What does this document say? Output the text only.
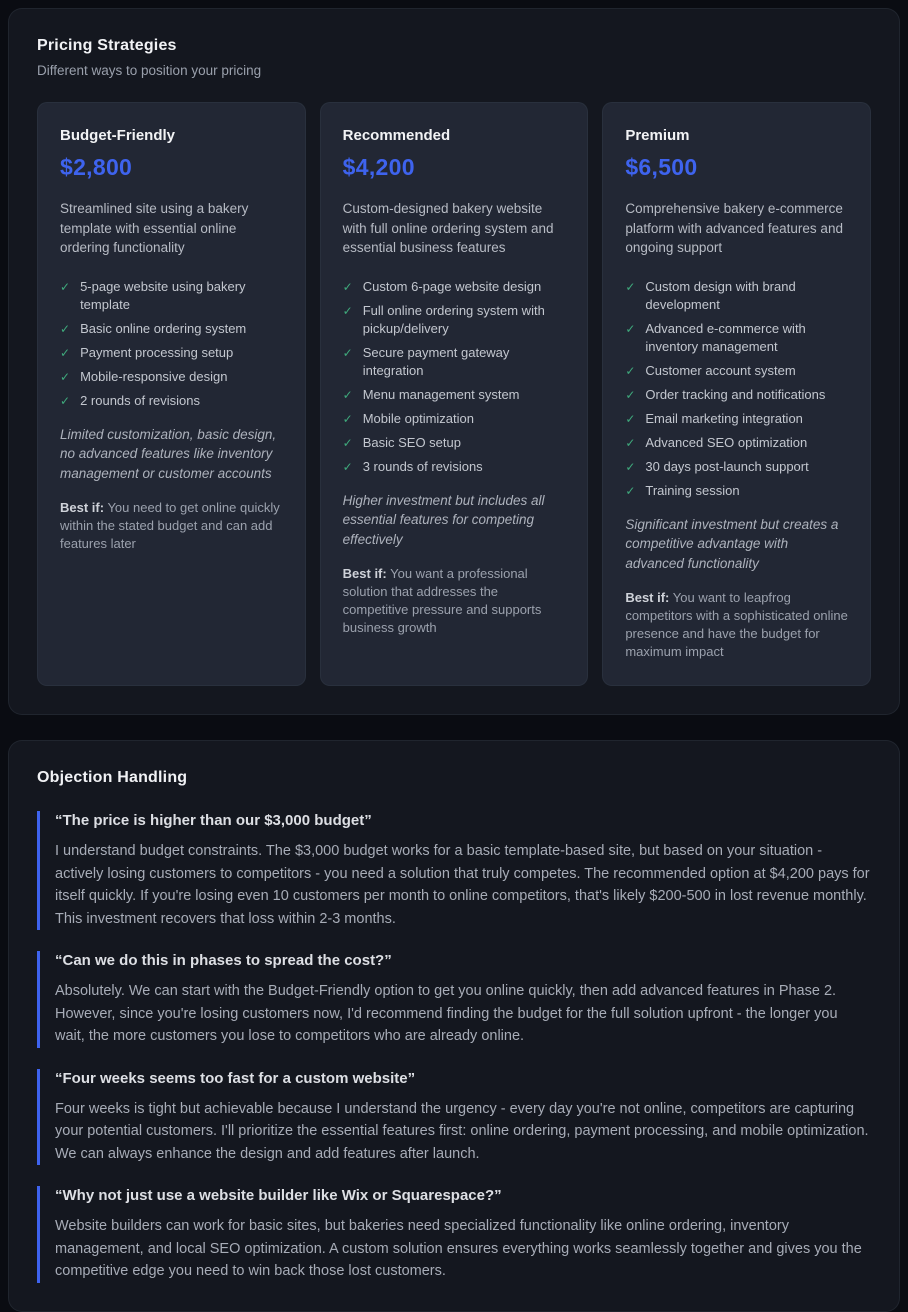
Pricing Strategies

Different ways to position your pricing

Budget-Friendly
$2,800

Streamlined site using a bakery template with essential online ordering functionality

✓ 5-page website using bakery template
✓ Basic online ordering system
✓ Payment processing setup
✓ Mobile-responsive design
✓ 2 rounds of revisions

Limited customization, basic design, no advanced features like inventory management or customer accounts

Best if: You need to get online quickly within the stated budget and can add features later

Recommended
$4,200

Custom-designed bakery website with full online ordering system and essential business features

✓ Custom 6-page website design
✓ Full online ordering system with pickup/delivery
✓ Secure payment gateway integration
✓ Menu management system
✓ Mobile optimization
✓ Basic SEO setup
✓ 3 rounds of revisions

Higher investment but includes all essential features for competing effectively

Best if: You want a professional solution that addresses the competitive pressure and supports business growth

Premium
$6,500

Comprehensive bakery e-commerce platform with advanced features and ongoing support

✓ Custom design with brand development
✓ Advanced e-commerce with inventory management
✓ Customer account system
✓ Order tracking and notifications
✓ Email marketing integration
✓ Advanced SEO optimization
✓ 30 days post-launch support
✓ Training session

Significant investment but creates a competitive advantage with advanced functionality

Best if: You want to leapfrog competitors with a sophisticated online presence and have the budget for maximum impact

Objection Handling
“The price is higher than our $3,000 budget”

I understand budget constraints. The $3,000 budget works for a basic template-based site, but based on your situation - actively losing customers to competitors - you need a solution that truly competes. The recommended option at $4,200 pays for itself quickly. If you're losing even 10 customers per month to online competitors, that's likely $200-500 in lost revenue monthly. This investment recovers that loss within 2-3 months.

“Can we do this in phases to spread the cost?”

Absolutely. We can start with the Budget-Friendly option to get you online quickly, then add advanced features in Phase 2. However, since you're losing customers now, I'd recommend finding the budget for the full solution upfront - the longer you wait, the more customers you lose to competitors who are already online.

“Four weeks seems too fast for a custom website”

Four weeks is tight but achievable because I understand the urgency - every day you're not online, competitors are capturing your potential customers. I'll prioritize the essential features first: online ordering, payment processing, and mobile optimization. We can always enhance the design and add features after launch.

“Why not just use a website builder like Wix or Squarespace?”

Website builders can work for basic sites, but bakeries need specialized functionality like online ordering, inventory management, and local SEO optimization. A custom solution ensures everything works seamlessly together and gives you the competitive edge you need to win back those lost customers.
